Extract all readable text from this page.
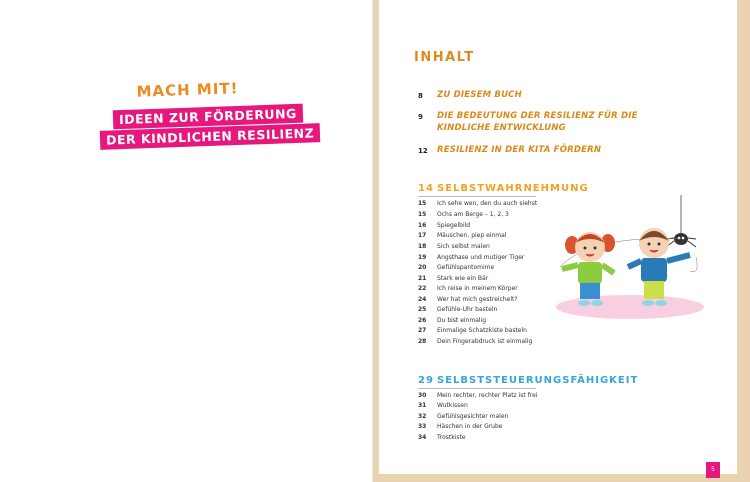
MACH MIT!
IDEEN ZUR FÖRDERUNG
DER KINDLICHEN RESILIENZ
INHALT
8	ZU DIESEM BUCH
9	DIE BEDEUTUNG DER RESILIENZ FÜR DIE KINDLICHE ENTWICKLUNG
12	RESILIENZ IN DER KITA FÖRDERN
14 SELBSTWAHRNEHMUNG
15 Ich sehe wen, den du auch siehst
15 Ochs am Berge – 1, 2, 3
16 Spiegelbild
17 Mäuschen, piep einmal
18 Sich selbst malen
19 Angsthase und mutiger Tiger
20 Gefühlspantomime
21 Stark wie ein Bär
22 Ich reise in meinem Körper
24 Wer hat mich gestreichelt?
25 Gefühle-Uhr basteln
26 Du bist einmalig
27 Einmalige Schatzkiste basteln
28 Dein Fingerabdruck ist einmalig
29 SELBSTSTEUERUNGSFÄHIGKEIT
30 Mein rechter, rechter Platz ist frei
31 Wutkissen
32 Gefühlsgesichter malen
33 Häschen in der Grube
34 Trostkiste
5
